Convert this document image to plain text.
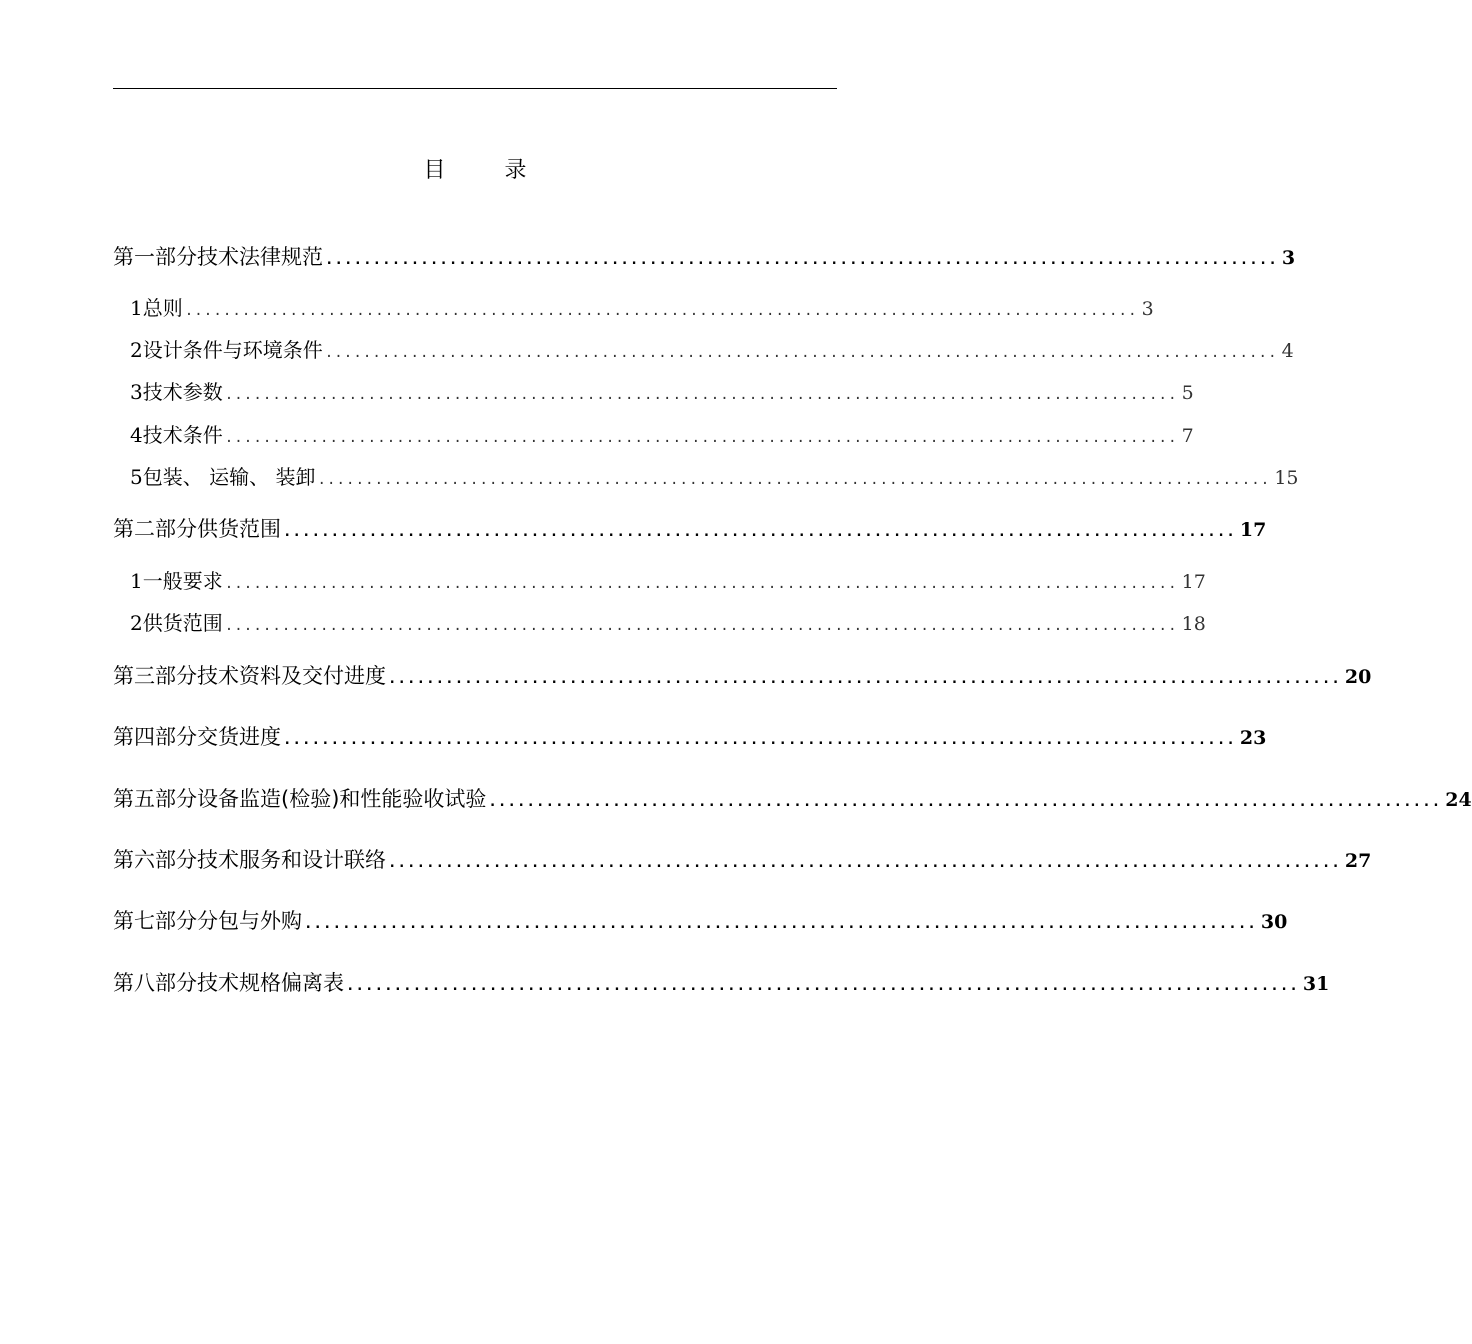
目 录
第一部分 技术法律规范 .................................................................................................... 3
1 总则 .................................................................................................... 3
2 设计条件与环境条件 .................................................................................................... 4
3 技术参数 .................................................................................................... 5
4 技术条件 .................................................................................................... 7
5 包装、 运输、 装卸 .................................................................................................... 15
第二部分 供货范围 .................................................................................................... 17
1 一般要求 .................................................................................................... 17
2 供货范围 .................................................................................................... 18
第三部分 技术资料及交付进度 .................................................................................................... 20
第四部分 交货进度 .................................................................................................... 23
第五部分 设备监造(检验)和性能验收试验 .................................................................................................... 24
第六部分 技术服务和设计联络 .................................................................................................... 27
第七部分 分包与外购 .................................................................................................... 30
第八部分 技术规格偏离表 .................................................................................................... 31
